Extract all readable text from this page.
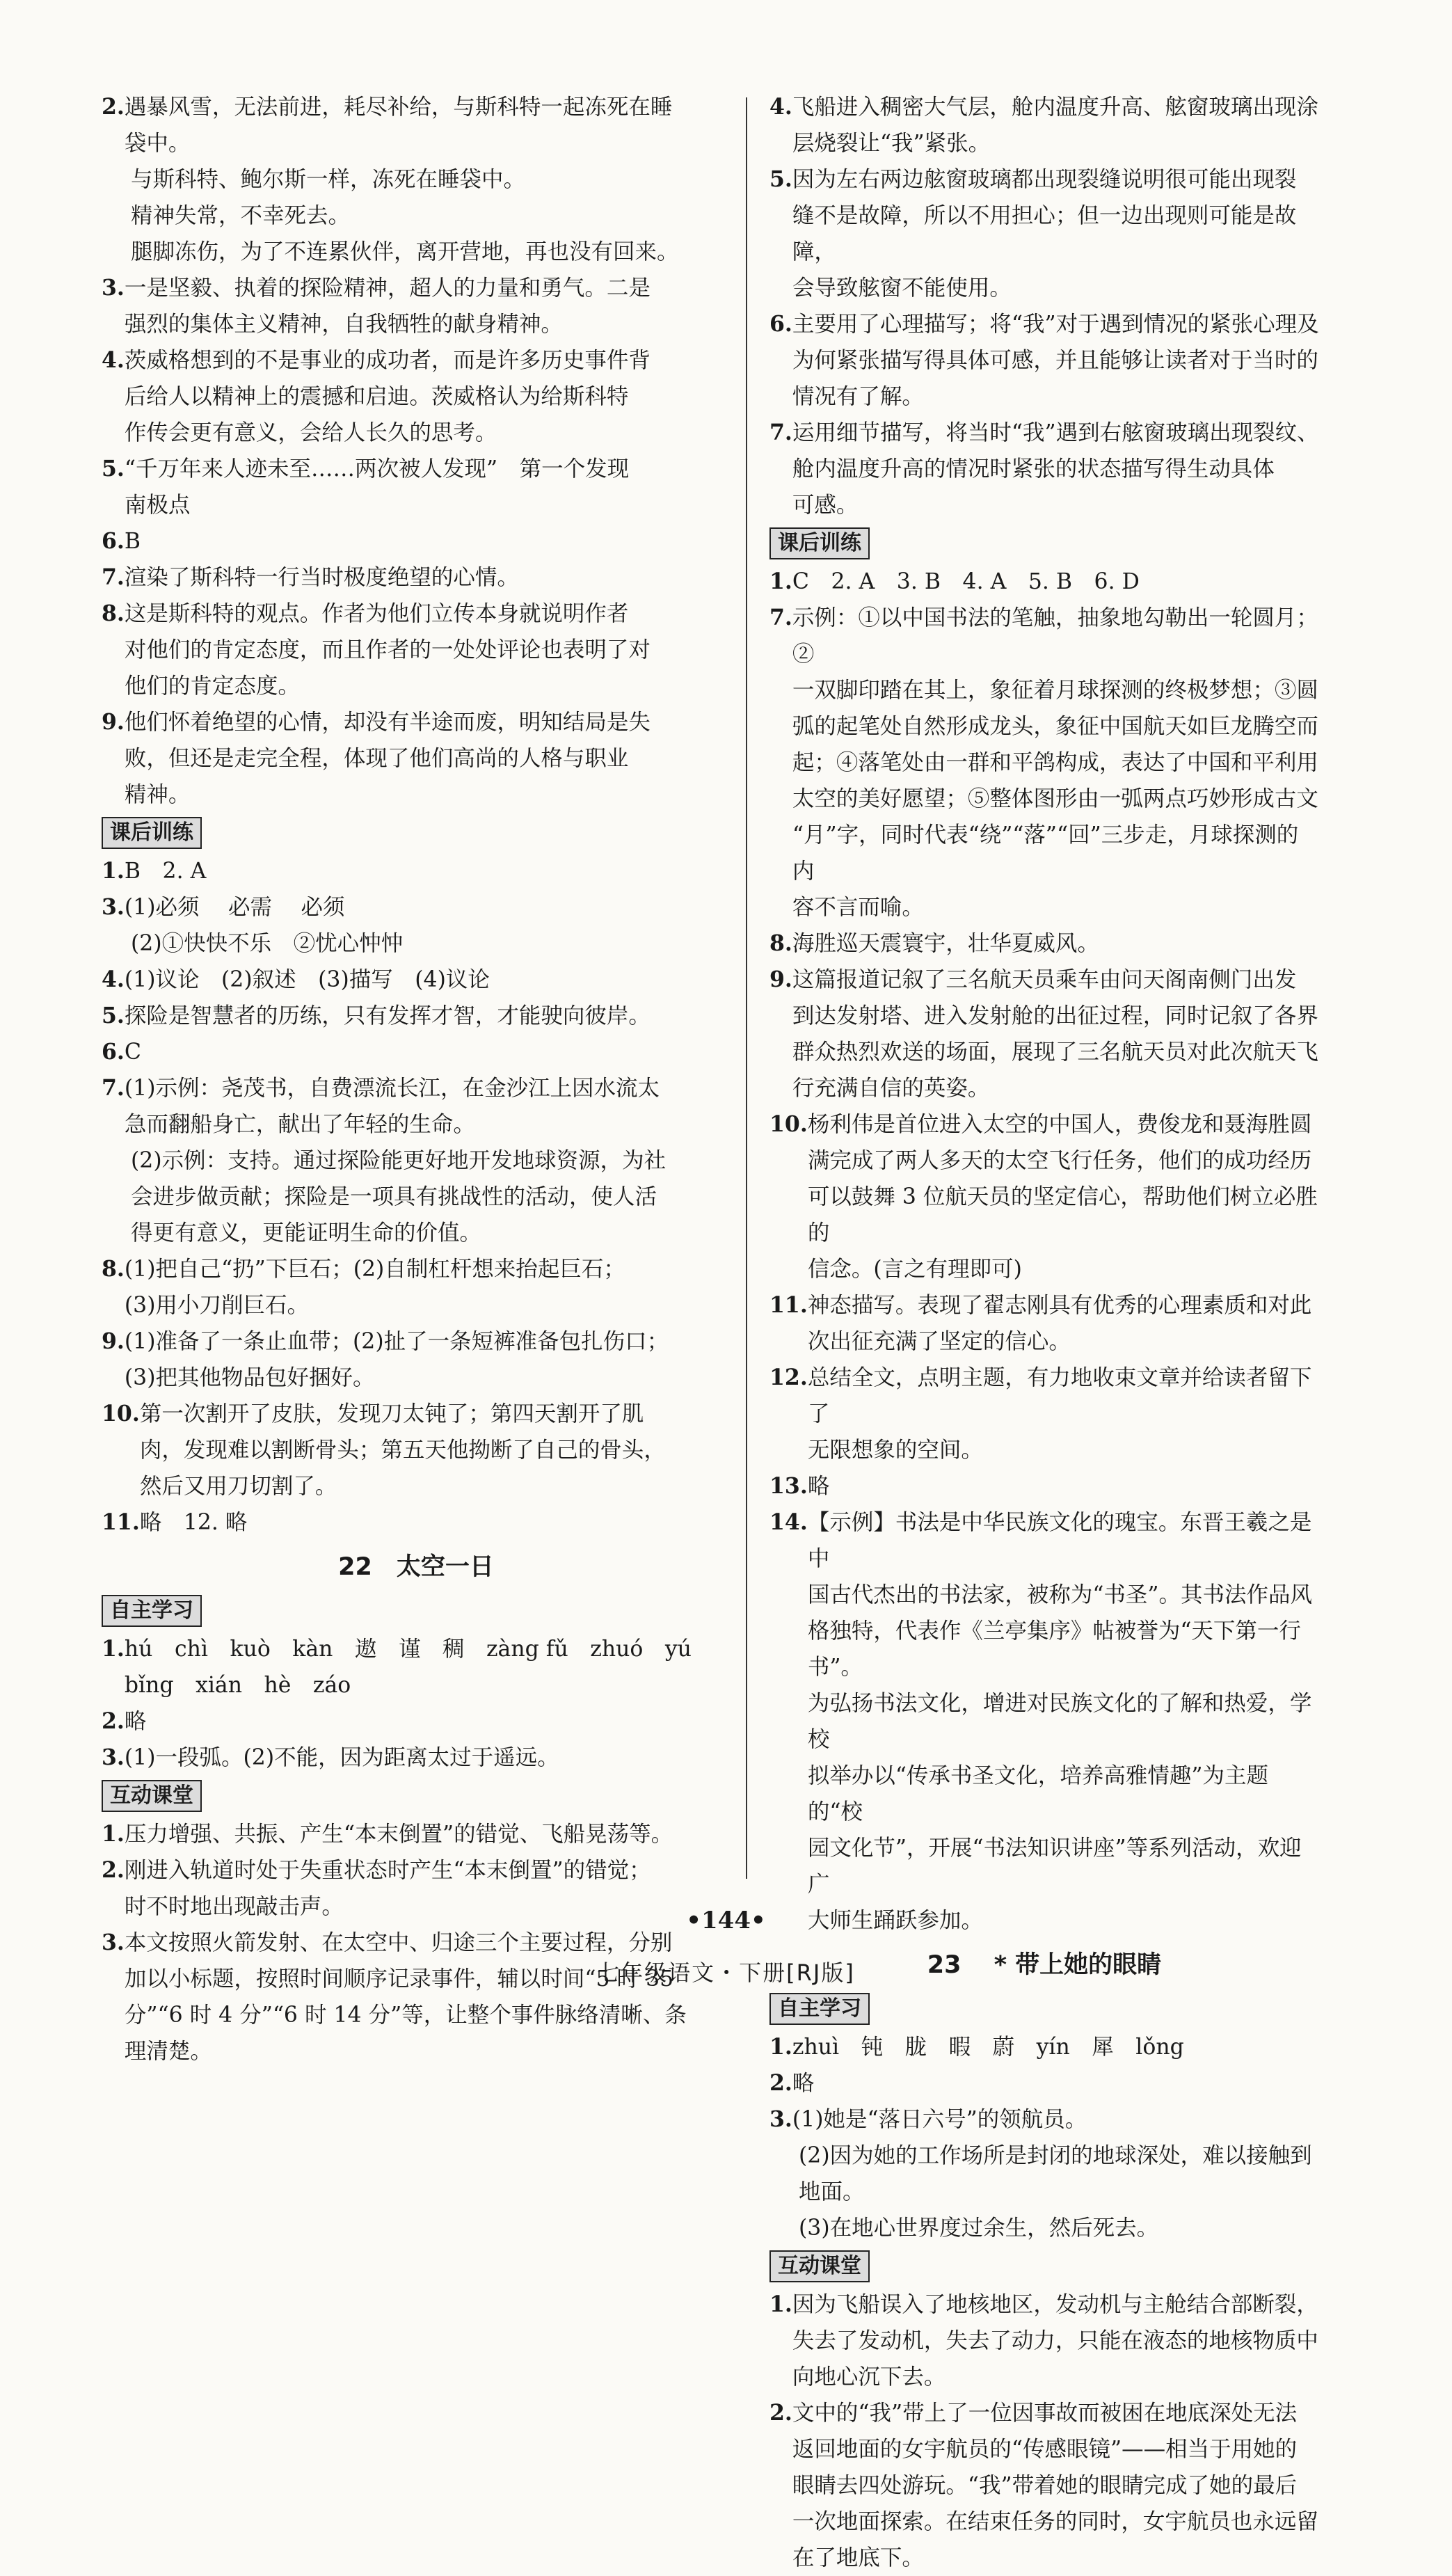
2. 遇暴风雪，无法前进，耗尽补给，与斯科特一起冻死在睡
袋中。
与斯科特、鲍尔斯一样，冻死在睡袋中。
精神失常，不幸死去。
腿脚冻伤，为了不连累伙伴，离开营地，再也没有回来。
3. 一是坚毅、执着的探险精神，超人的力量和勇气。二是
强烈的集体主义精神，自我牺牲的献身精神。
4. 茨威格想到的不是事业的成功者，而是许多历史事件背
后给人以精神上的震撼和启迪。茨威格认为给斯科特
作传会更有意义，会给人长久的思考。
5. “千万年来人迹未至……两次被人发现”　第一个发现
南极点
6. B
7. 渲染了斯科特一行当时极度绝望的心情。
8. 这是斯科特的观点。作者为他们立传本身就说明作者
对他们的肯定态度，而且作者的一处处评论也表明了对
他们的肯定态度。
9. 他们怀着绝望的心情，却没有半途而废，明知结局是失
败，但还是走完全程，体现了他们高尚的人格与职业
精神。
课后训练
1. B　2. A
3. (1)必须　 必需　 必须
(2)①快快不乐　②忧心忡忡
4. (1)议论　(2)叙述　(3)描写　(4)议论
5. 探险是智慧者的历练，只有发挥才智，才能驶向彼岸。
6. C
7. (1)示例：尧茂书，自费漂流长江，在金沙江上因水流太
急而翻船身亡，献出了年轻的生命。
(2)示例：支持。通过探险能更好地开发地球资源，为社
会进步做贡献；探险是一项具有挑战性的活动，使人活
得更有意义，更能证明生命的价值。
8. (1)把自己“扔”下巨石；(2)自制杠杆想来抬起巨石；
(3)用小刀削巨石。
9. (1)准备了一条止血带；(2)扯了一条短裤准备包扎伤口；
(3)把其他物品包好捆好。
10. 第一次割开了皮肤，发现刀太钝了；第四天割开了肌
肉，发现难以割断骨头；第五天他拗断了自己的骨头，
然后又用刀切割了。
11. 略　12. 略
22　太空一日
自主学习
1. hú　chì　kuò　kàn　遨　谨　稠　zàng fǔ　zhuó　yú
bǐng　xián　hè　záo
2. 略
3. (1)一段弧。(2)不能，因为距离太过于遥远。
互动课堂
1. 压力增强、共振、产生“本末倒置”的错觉、飞船晃荡等。
2. 刚进入轨道时处于失重状态时产生“本末倒置”的错觉；
时不时地出现敲击声。
3. 本文按照火箭发射、在太空中、归途三个主要过程，分别
加以小标题，按照时间顺序记录事件，辅以时间“5 时 35
分”“6 时 4 分”“6 时 14 分”等，让整个事件脉络清晰、条
理清楚。
4. 飞船进入稠密大气层，舱内温度升高、舷窗玻璃出现涂
层烧裂让“我”紧张。
5. 因为左右两边舷窗玻璃都出现裂缝说明很可能出现裂
缝不是故障，所以不用担心；但一边出现则可能是故障，
会导致舷窗不能使用。
6. 主要用了心理描写；将“我”对于遇到情况的紧张心理及
为何紧张描写得具体可感，并且能够让读者对于当时的
情况有了解。
7. 运用细节描写，将当时“我”遇到右舷窗玻璃出现裂纹、
舱内温度升高的情况时紧张的状态描写得生动具体
可感。
课后训练
1. C　2. A　3. B　4. A　5. B　6. D
7. 示例：①以中国书法的笔触，抽象地勾勒出一轮圆月；②
一双脚印踏在其上，象征着月球探测的终极梦想；③圆
弧的起笔处自然形成龙头，象征中国航天如巨龙腾空而
起；④落笔处由一群和平鸽构成，表达了中国和平利用
太空的美好愿望；⑤整体图形由一弧两点巧妙形成古文
“月”字，同时代表“绕”“落”“回”三步走，月球探测的内
容不言而喻。
8. 海胜巡天震寰宇，壮华夏威风。
9. 这篇报道记叙了三名航天员乘车由问天阁南侧门出发
到达发射塔、进入发射舱的出征过程，同时记叙了各界
群众热烈欢送的场面，展现了三名航天员对此次航天飞
行充满自信的英姿。
10. 杨利伟是首位进入太空的中国人，费俊龙和聂海胜圆
满完成了两人多天的太空飞行任务，他们的成功经历
可以鼓舞 3 位航天员的坚定信心，帮助他们树立必胜的
信念。(言之有理即可)
11. 神态描写。表现了翟志刚具有优秀的心理素质和对此
次出征充满了坚定的信心。
12. 总结全文，点明主题，有力地收束文章并给读者留下了
无限想象的空间。
13. 略
14. 【示例】书法是中华民族文化的瑰宝。东晋王羲之是中
国古代杰出的书法家，被称为“书圣”。其书法作品风
格独特，代表作《兰亭集序》帖被誉为“天下第一行书”。
为弘扬书法文化，增进对民族文化的了解和热爱，学校
拟举办以“传承书圣文化，培养高雅情趣”为主题的“校
园文化节”，开展“书法知识讲座”等系列活动，欢迎广
大师生踊跃参加。
23　 * 带上她的眼睛
自主学习
1. zhuì　钝　胧　暇　蔚　yín　犀　lǒng
2. 略
3. (1)她是“落日六号”的领航员。
(2)因为她的工作场所是封闭的地球深处，难以接触到
地面。
(3)在地心世界度过余生，然后死去。
互动课堂
1. 因为飞船误入了地核地区，发动机与主舱结合部断裂，
失去了发动机，失去了动力，只能在液态的地核物质中
向地心沉下去。
2. 文中的“我”带上了一位因事故而被困在地底深处无法
返回地面的女宇航员的“传感眼镜”——相当于用她的
眼睛去四处游玩。“我”带着她的眼睛完成了她的最后
一次地面探索。在结束任务的同时，女宇航员也永远留
在了地底下。
•144•
七年级语文・下册[RJ版]
